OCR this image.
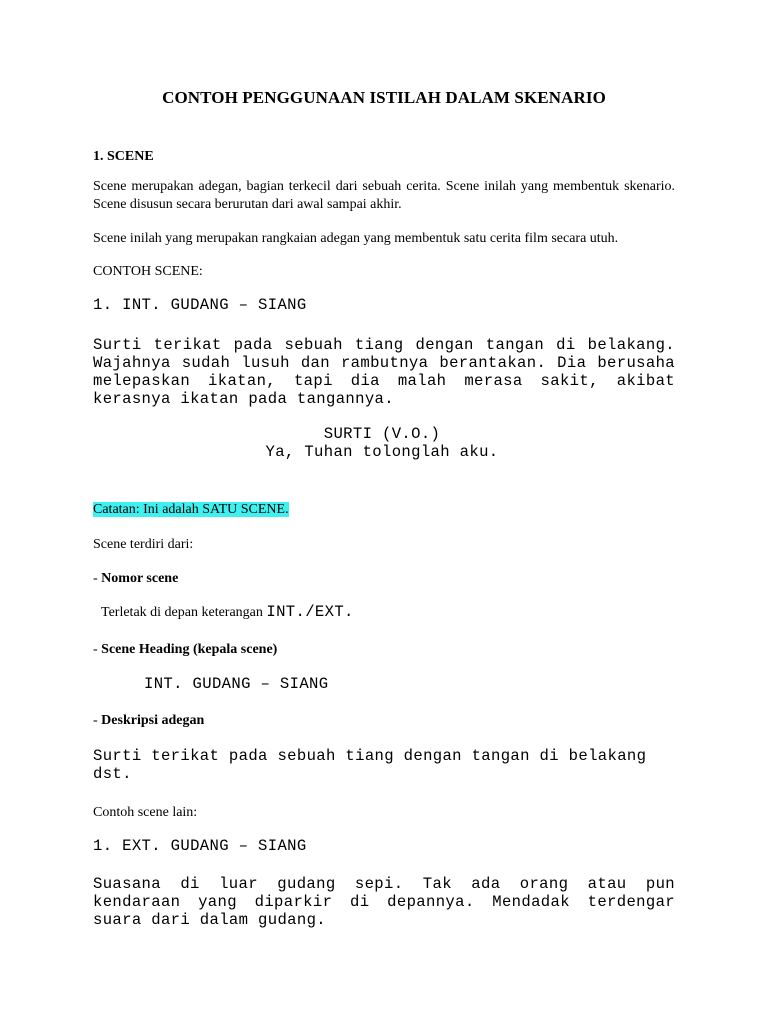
CONTOH PENGGUNAAN ISTILAH DALAM SKENARIO
1. SCENE

Scene merupakan adegan, bagian terkecil dari sebuah cerita. Scene inilah yang membentuk skenario. Scene disusun secara berurutan dari awal sampai akhir.

Scene inilah yang merupakan rangkaian adegan yang membentuk satu cerita film secara utuh.

CONTOH SCENE:
1. INT. GUDANG – SIANG

Surti terikat pada sebuah tiang dengan tangan di belakang. Wajahnya sudah lusuh dan rambutnya berantakan. Dia berusaha melepaskan ikatan, tapi dia malah merasa sakit, akibat kerasnya ikatan pada tangannya.

SURTI (V.O.)
Ya, Tuhan tolonglah aku.
Catatan: Ini adalah SATU SCENE.
Scene terdiri dari:
- Nomor scene
Terletak di depan keterangan INT./EXT.
- Scene Heading (kepala scene)
INT. GUDANG – SIANG
- Deskripsi adegan
Surti terikat pada sebuah tiang dengan tangan di belakang
dst.
Contoh scene lain:
1. EXT. GUDANG – SIANG

Suasana di luar gudang sepi. Tak ada orang atau pun kendaraan yang diparkir di depannya. Mendadak terdengar suara dari dalam gudang.
